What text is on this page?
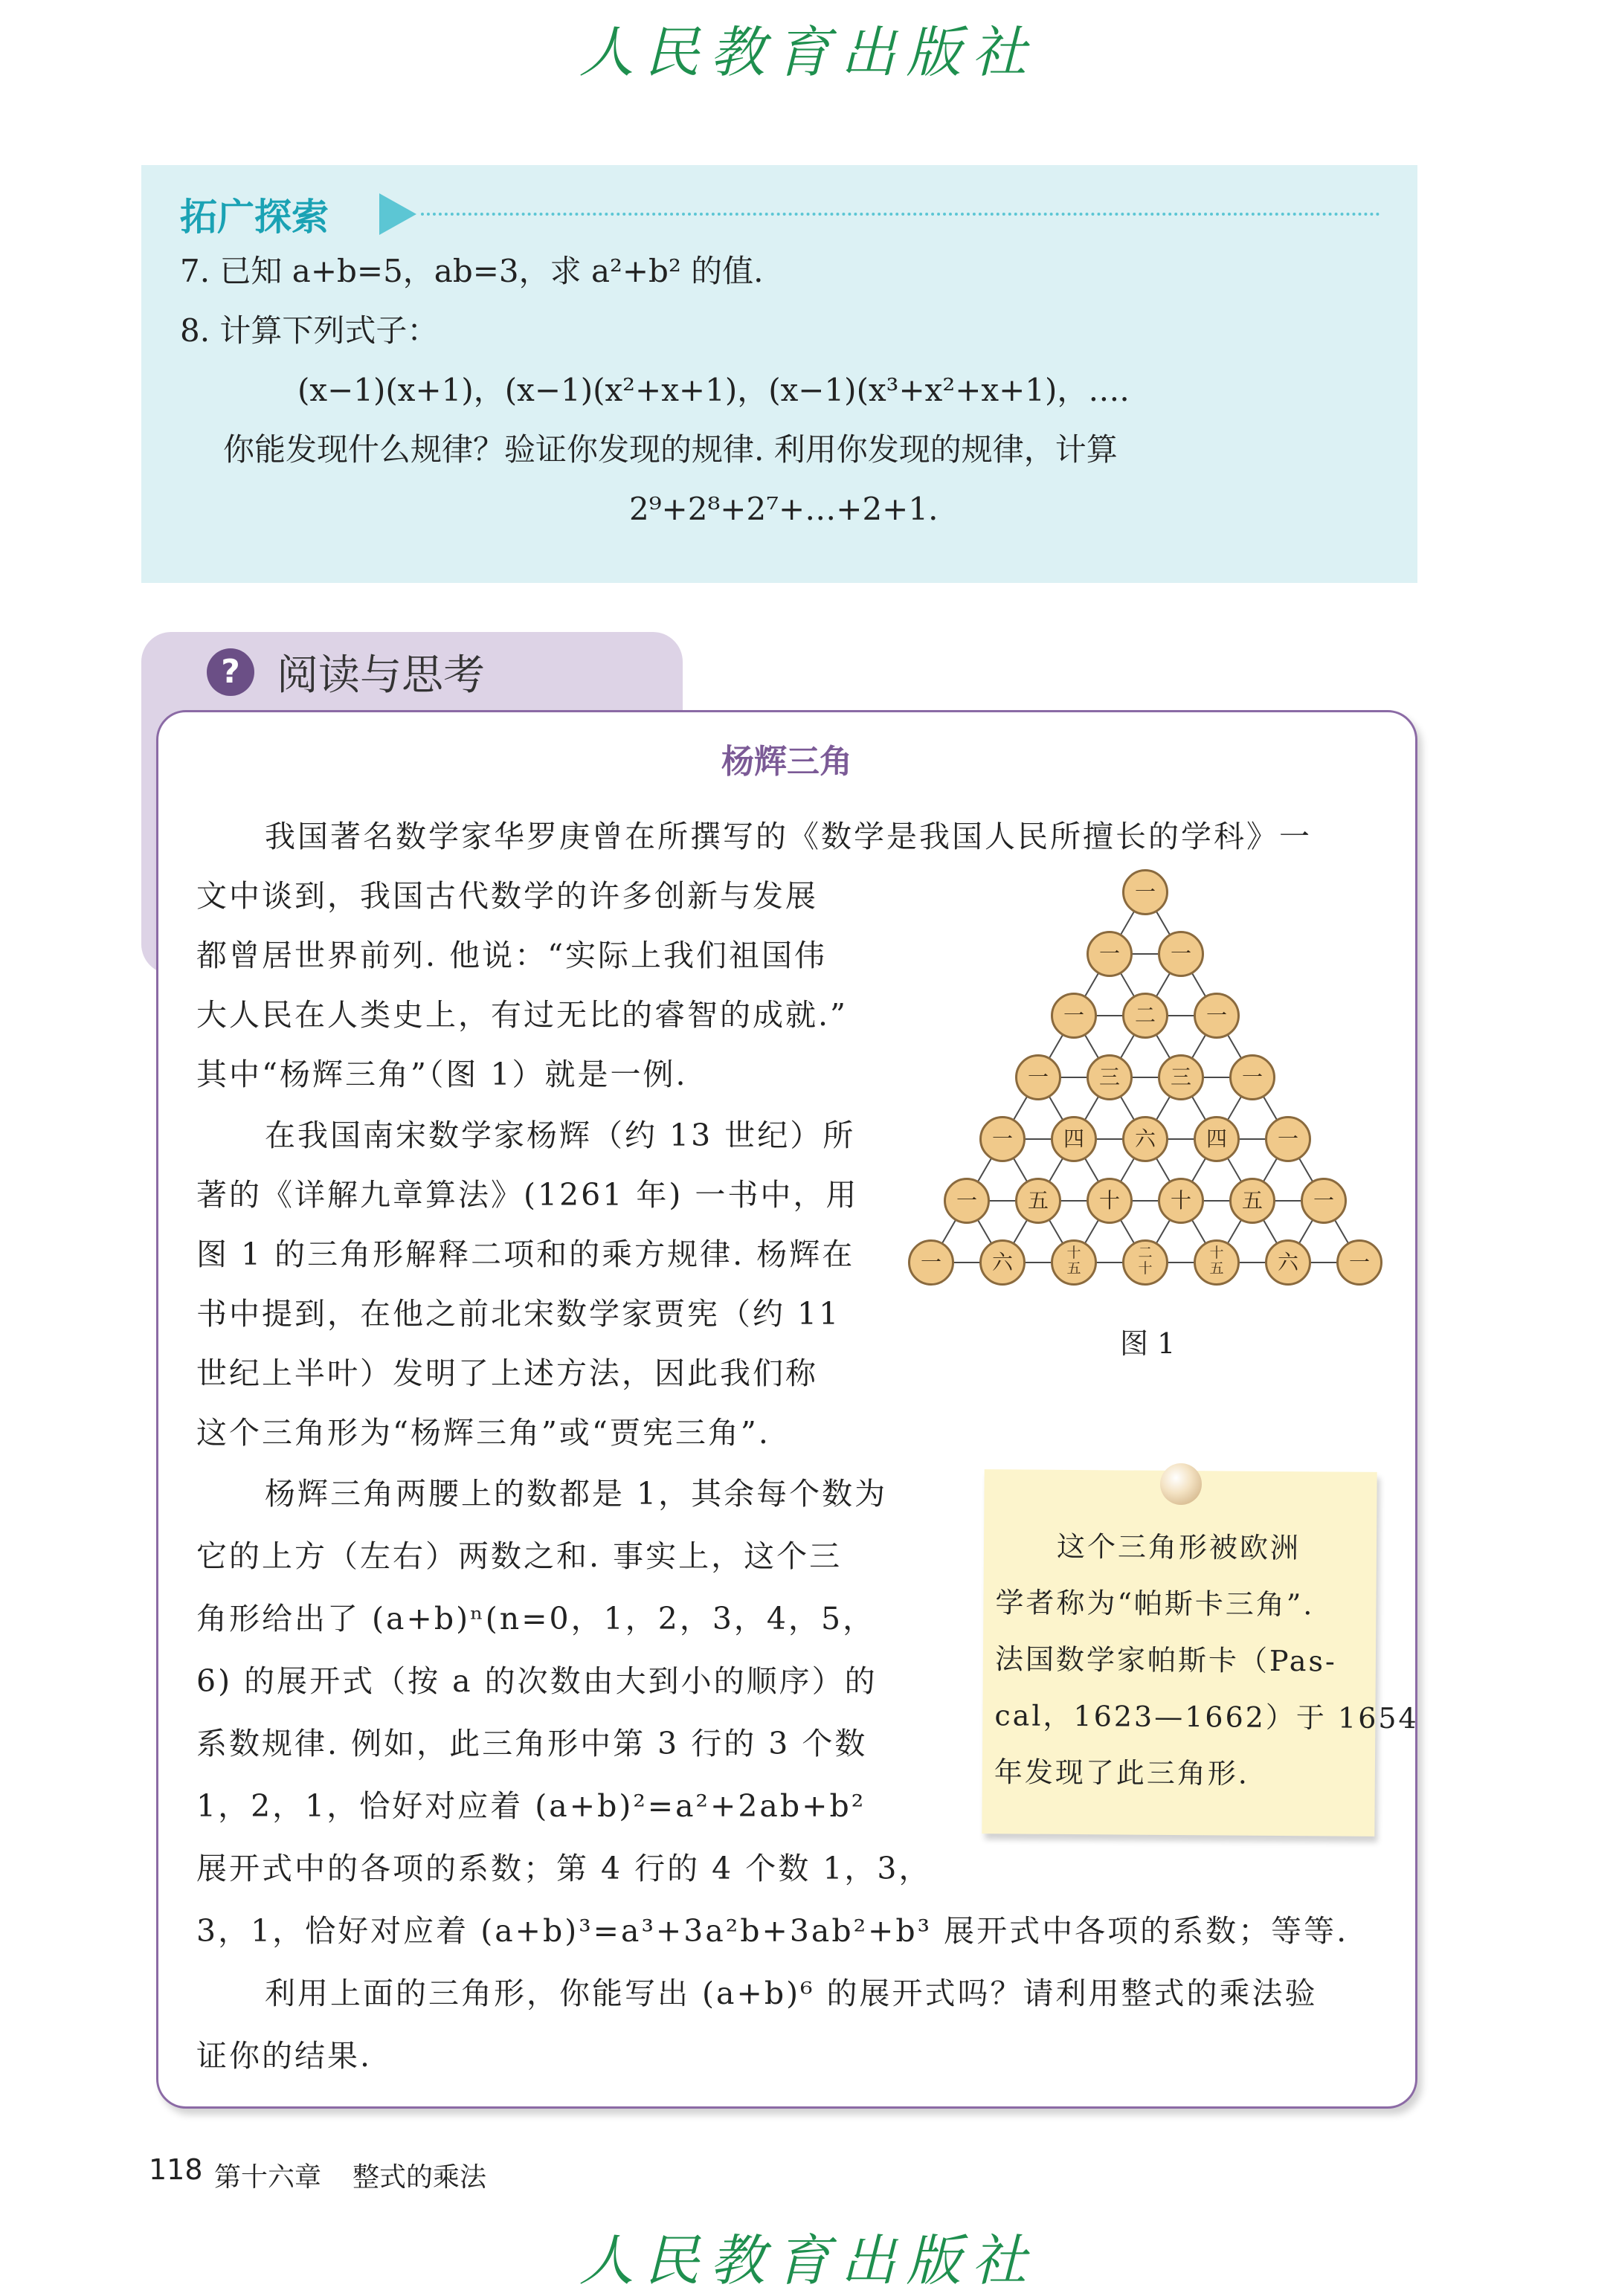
人民教育出版社
拓广探索
7. 已知 a+b=5，ab=3，求 a²+b² 的值.
8. 计算下列式子：
(x−1)(x+1)，(x−1)(x²+x+1)，(x−1)(x³+x²+x+1)，….
你能发现什么规律？验证你发现的规律. 利用你发现的规律，计算
2⁹+2⁸+2⁷+…+2+1.
? 阅读与思考
杨辉三角
我国著名数学家华罗庚曾在所撰写的《数学是我国人民所擅长的学科》一
文中谈到，我国古代数学的许多创新与发展
都曾居世界前列. 他说：“实际上我们祖国伟
大人民在人类史上，有过无比的睿智的成就.”
其中“杨辉三角”（图 1）就是一例.
在我国南宋数学家杨辉（约 13 世纪）所
著的《详解九章算法》(1261 年) 一书中，用
图 1 的三角形解释二项和的乘方规律. 杨辉在
书中提到，在他之前北宋数学家贾宪（约 11
世纪上半叶）发明了上述方法，因此我们称
这个三角形为“杨辉三角”或“贾宪三角”.
杨辉三角两腰上的数都是 1，其余每个数为
它的上方（左右）两数之和. 事实上，这个三
角形给出了 (a+b)ⁿ(n=0，1，2，3，4，5，
6) 的展开式（按 a 的次数由大到小的顺序）的
系数规律. 例如，此三角形中第 3 行的 3 个数
1，2，1，恰好对应着 (a+b)²=a²+2ab+b²
展开式中的各项的系数；第 4 行的 4 个数 1，3，
3，1，恰好对应着 (a+b)³=a³+3a²b+3ab²+b³ 展开式中各项的系数；等等.
利用上面的三角形，你能写出 (a+b)⁶ 的展开式吗？请利用整式的乘法验
证你的结果.
一
一	一
一	二	一
一	三	三	一
一	四	六	四	一
一	五	十	十	五	一
一	六	十
五
二
十
十
五	六	一
图 1
这个三角形被欧洲
学者称为“帕斯卡三角”.
法国数学家帕斯卡（Pas-
cal，1623—1662）于 1654
年发现了此三角形.
118 第十六章 整式的乘法
人民教育出版社
